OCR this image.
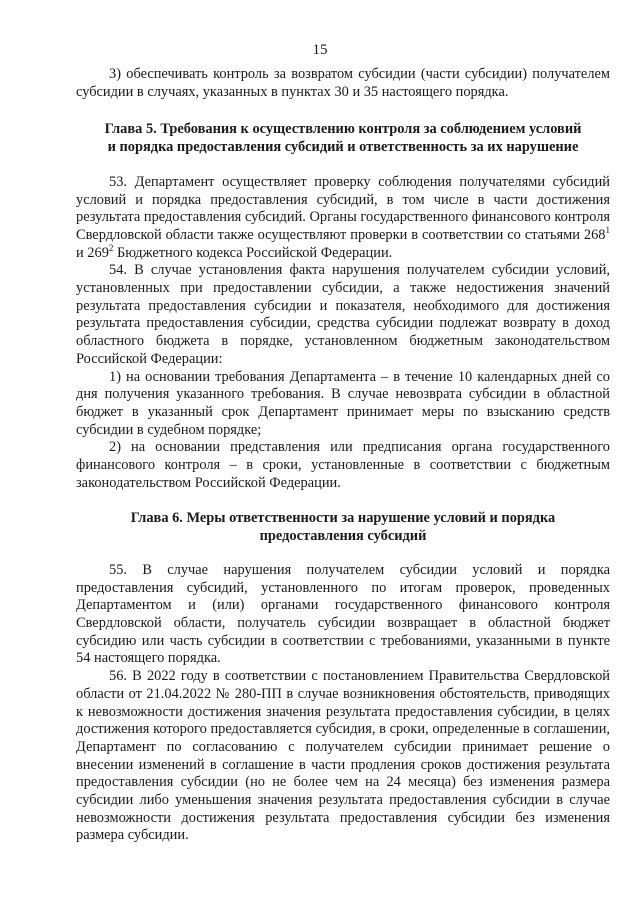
15

3) обеспечивать контроль за возвратом субсидии (части субсидии) получателем субсидии в случаях, указанных в пунктах 30 и 35 настоящего порядка.

Глава 5. Требования к осуществлению контроля за соблюдением условий
и порядка предоставления субсидий и ответственность за их нарушение

53. Департамент осуществляет проверку соблюдения получателями субсидий условий и порядка предоставления субсидий, в том числе в части достижения результата предоставления субсидий. Органы государственного финансового контроля Свердловской области также осуществляют проверки в соответствии со статьями $268^1$ и $269^2$ Бюджетного кодекса Российской Федерации.

54. В случае установления факта нарушения получателем субсидии условий, установленных при предоставлении субсидии, а также недостижения значений результата предоставления субсидии и показателя, необходимого для достижения результата предоставления субсидии, средства субсидии подлежат возврату в доход областного бюджета в порядке, установленном бюджетным законодательством Российской Федерации:

1) на основании требования Департамента – в течение 10 календарных дней со дня получения указанного требования. В случае невозврата субсидии в областной бюджет в указанный срок Департамент принимает меры по взысканию средств субсидии в судебном порядке;

2) на основании представления или предписания органа государственного финансового контроля – в сроки, установленные в соответствии с бюджетным законодательством Российской Федерации.

Глава 6. Меры ответственности за нарушение условий и порядка
предоставления субсидий

55. В случае нарушения получателем субсидии условий и порядка предоставления субсидий, установленного по итогам проверок, проведенных Департаментом и (или) органами государственного финансового контроля Свердловской области, получатель субсидии возвращает в областной бюджет субсидию или часть субсидии в соответствии с требованиями, указанными в пункте 54 настоящего порядка.

56. В 2022 году в соответствии с постановлением Правительства Свердловской области от 21.04.2022 № 280-ПП в случае возникновения обстоятельств, приводящих к невозможности достижения значения результата предоставления субсидии, в целях достижения которого предоставляется субсидия, в сроки, определенные в соглашении, Департамент по согласованию с получателем субсидии принимает решение о внесении изменений в соглашение в части продления сроков достижения результата предоставления субсидии (но не более чем на 24 месяца) без изменения размера субсидии либо уменьшения значения результата предоставления субсидии в случае невозможности достижения результата предоставления субсидии без изменения размера субсидии.
